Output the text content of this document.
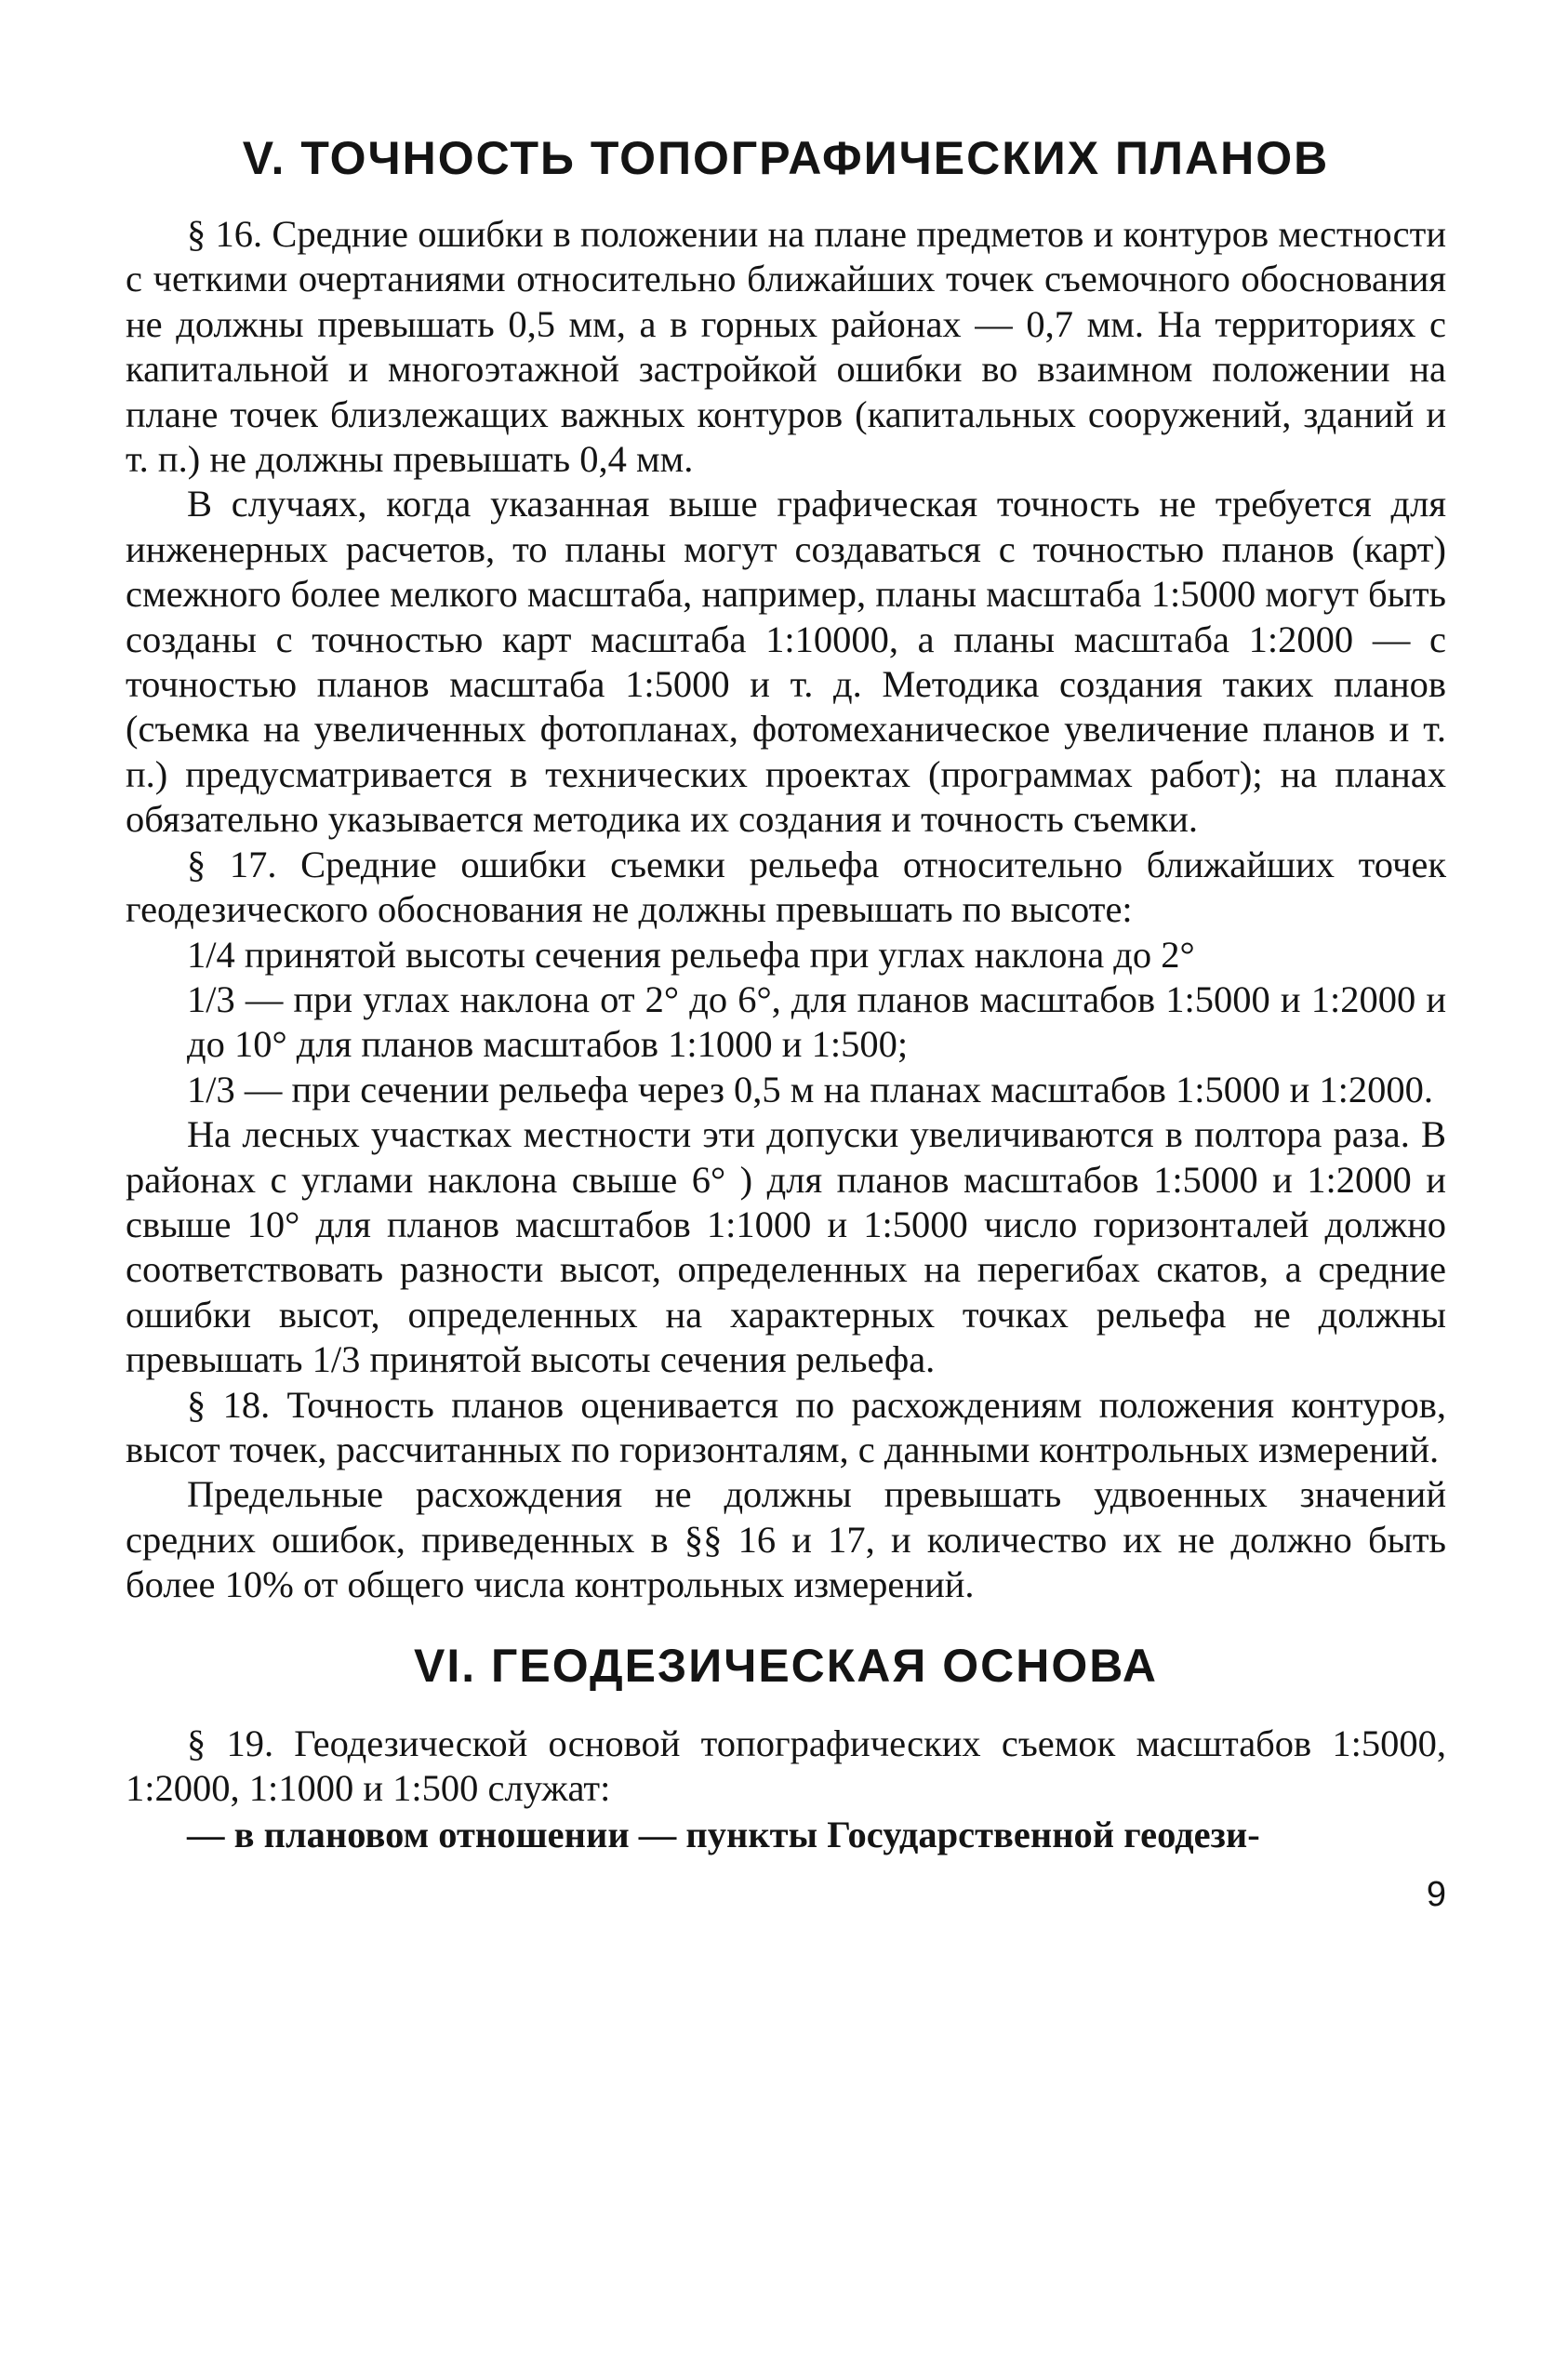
V. ТОЧНОСТЬ ТОПОГРАФИЧЕСКИХ ПЛАНОВ

§ 16. Средние ошибки в положении на плане предметов и контуров местности с четкими очертаниями относительно ближайших точек съемочного обоснования не должны превышать 0,5 мм, а в горных районах — 0,7 мм. На территориях с капитальной и многоэтажной застройкой ошибки во взаимном положении на плане точек близлежащих важных контуров (капитальных сооружений, зданий и т. п.) не должны превышать 0,4 мм.

В случаях, когда указанная выше графическая точность не требуется для инженерных расчетов, то планы могут создаваться с точностью планов (карт) смежного более мелкого масштаба, например, планы масштаба 1:5000 могут быть созданы с точностью карт масштаба 1:10000, а планы масштаба 1:2000 — с точностью планов масштаба 1:5000 и т. д. Методика создания таких планов (съемка на увеличенных фотопланах, фотомеханическое увеличение планов и т. п.) предусматривается в технических проектах (программах работ); на планах обязательно указывается методика их создания и точность съемки.

§ 17. Средние ошибки съемки рельефа относительно ближайших точек геодезического обоснования не должны превышать по высоте:

1/4 принятой высоты сечения рельефа при углах наклона до 2°

1/3 — при углах наклона от 2° до 6°, для планов масштабов 1:5000 и 1:2000 и до 10° для планов масштабов 1:1000 и 1:500;

1/3 — при сечении рельефа через 0,5 м на планах масштабов 1:5000 и 1:2000.

На лесных участках местности эти допуски увеличиваются в полтора раза. В районах с углами наклона свыше 6° ) для планов масштабов 1:5000 и 1:2000 и свыше 10° для планов масштабов 1:1000 и 1:5000 число горизонталей должно соответствовать разности высот, определенных на перегибах скатов, а средние ошибки высот, определенных на характерных точках рельефа не должны превышать 1/3 принятой высоты сечения рельефа.

§ 18. Точность планов оценивается по расхождениям положения контуров, высот точек, рассчитанных по горизонталям, с данными контрольных измерений.

Предельные расхождения не должны превышать удвоенных значений средних ошибок, приведенных в §§ 16 и 17, и количество их не должно быть более 10% от общего числа контрольных измерений.

VI. ГЕОДЕЗИЧЕСКАЯ ОСНОВА

§ 19. Геодезической основой топографических съемок масштабов 1:5000, 1:2000, 1:1000 и 1:500 служат:

— в плановом отношении — пункты Государственной геодези-

9
